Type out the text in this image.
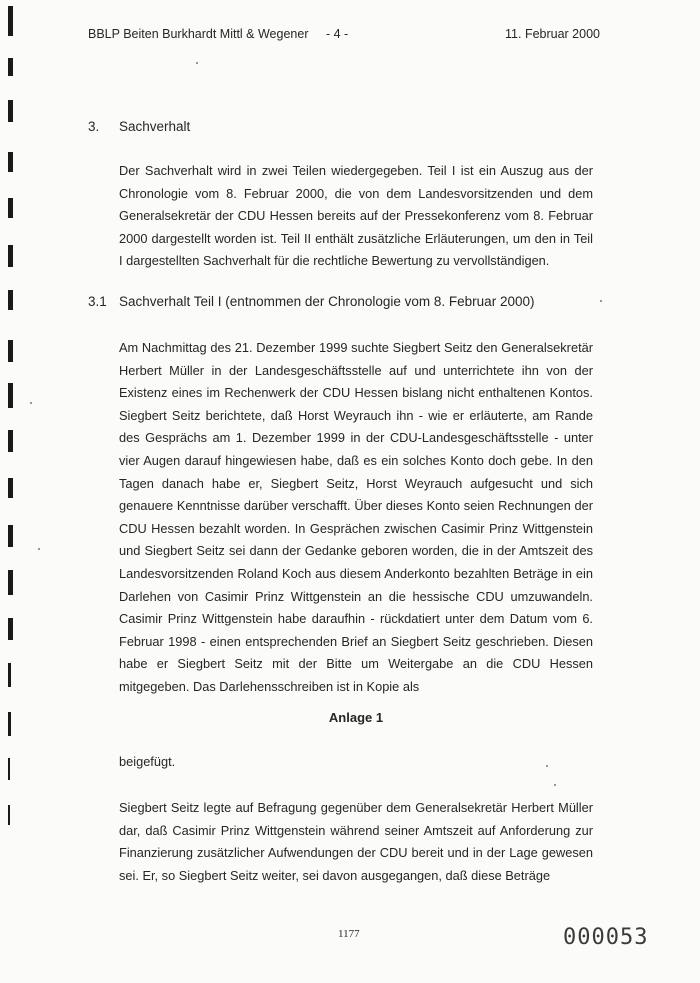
BBLP Beiten Burkhardt Mittl & Wegener - 4 -	11. Februar 2000
3. Sachverhalt
Der Sachverhalt wird in zwei Teilen wiedergegeben. Teil I ist ein Auszug aus der Chronologie vom 8. Februar 2000, die von dem Landesvorsitzenden und dem Generalsekretär der CDU Hessen bereits auf der Pressekonferenz vom 8. Februar 2000 dargestellt worden ist. Teil II enthält zusätzliche Erläuterungen, um den in Teil I dargestellten Sachverhalt für die rechtliche Bewertung zu vervollständigen.
3.1 Sachverhalt Teil I (entnommen der Chronologie vom 8. Februar 2000)
Am Nachmittag des 21. Dezember 1999 suchte Siegbert Seitz den Generalsekretär Herbert Müller in der Landesgeschäftsstelle auf und unterrichtete ihn von der Existenz eines im Rechenwerk der CDU Hessen bislang nicht enthaltenen Kontos. Siegbert Seitz berichtete, daß Horst Weyrauch ihn - wie er erläuterte, am Rande des Gesprächs am 1. Dezember 1999 in der CDU-Landesgeschäftsstelle - unter vier Augen darauf hingewiesen habe, daß es ein solches Konto doch gebe. In den Tagen danach habe er, Siegbert Seitz, Horst Weyrauch aufgesucht und sich genauere Kenntnisse darüber verschafft. Über dieses Konto seien Rechnungen der CDU Hessen bezahlt worden. In Gesprächen zwischen Casimir Prinz Wittgenstein und Siegbert Seitz sei dann der Gedanke geboren worden, die in der Amtszeit des Landesvorsitzenden Roland Koch aus diesem Anderkonto bezahlten Beträge in ein Darlehen von Casimir Prinz Wittgenstein an die hessische CDU umzuwandeln. Casimir Prinz Wittgenstein habe daraufhin - rückdatiert unter dem Datum vom 6. Februar 1998 - einen entsprechenden Brief an Siegbert Seitz geschrieben. Diesen habe er Siegbert Seitz mit der Bitte um Weitergabe an die CDU Hessen mitgegeben. Das Darlehensschreiben ist in Kopie als
Anlage 1
beigefügt.
Siegbert Seitz legte auf Befragung gegenüber dem Generalsekretär Herbert Müller dar, daß Casimir Prinz Wittgenstein während seiner Amtszeit auf Anforderung zur Finanzierung zusätzlicher Aufwendungen der CDU bereit und in der Lage gewesen sei. Er, so Siegbert Seitz weiter, sei davon ausgegangen, daß diese Beträge
1177	000053
